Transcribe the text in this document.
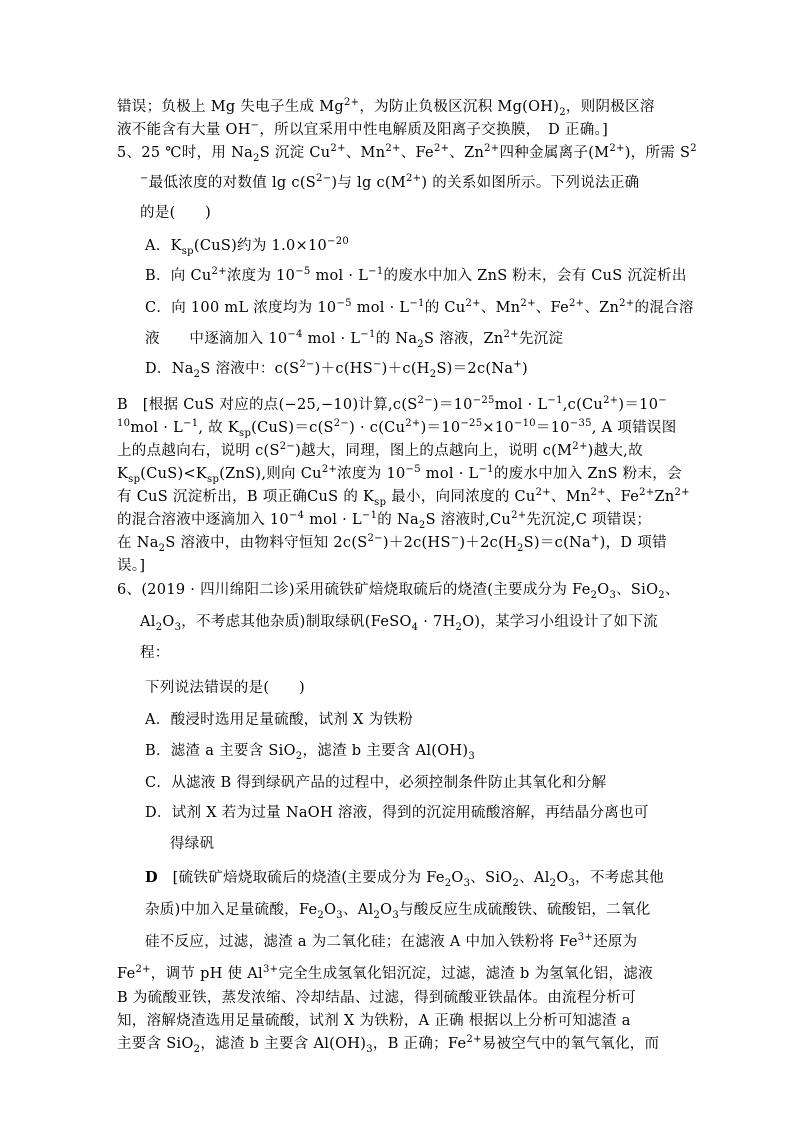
错误；负极上 Mg 失电子生成 $Mg^{2+}$，为防止负极区沉积 $Mg(OH)_2$，则阴极区溶
液不能含有大量 OH−，所以宜采用中性电解质及阳离子交换膜，　D 正确。]
5、25 ℃时，用 $Na_2S$ 沉淀 $Cu^{2+}$、$Mn^{2+}$、$Fe^{2+}$、$Zn^{2+}$四种金属离子$(M^{2+})$，所需 $S^2$
−最低浓度的对数值 $\lg c(S^{2-})$与 $\lg c(M^{2+})$ 的关系如图所示。下列说法正确
的是(　　)
A．$K_{sp}(CuS)$约为 $1.0\times 10^{-20}$
B．向 $Cu^{2+}$浓度为 $10^{-5}$ mol · $L^{-1}$的废水中加入 ZnS 粉末，会有 CuS 沉淀析出
C．向 100 mL 浓度均为 $10^{-5}$ mol · $L^{-1}$的 $Cu^{2+}$、$Mn^{2+}$、$Fe^{2+}$、$Zn^{2+}$的混合溶
液　　中逐滴加入 $10^{-4}$ mol · $L^{-1}$的 $Na_2S$ 溶液，$Zn^{2+}$先沉淀
D．$Na_2S$ 溶液中：$c(S^{2-})+c(HS^-)+c(H_2S)=2c(Na^+)$
B　[根据 CuS 对应的点(−25,−10)计算$,c(S^{2-})=10^{-25}mol \cdot L^{-1},c(Cu^{2+})=10^-$
$^{10}mol \cdot L^{-1}$, 故 $K_{sp}(CuS)=c(S^{2-}) \cdot c(Cu^{2+})=10^{-25}\times 10^{-10}=10^{-35}$, A 项错误图
上的点越向右，说明 $c(S^{2-})$越大，同理，图上的点越向上，说明 $c(M^{2+})$越大,故
$K_{sp}(CuS)<K_{sp}(ZnS)$,则向 $Cu^{2+}$浓度为 $10^{-5}$ mol · $L^{-1}$的废水中加入 ZnS 粉末，会
有 CuS 沉淀析出，B 项正确CuS 的 $K_{sp}$ 最小，向同浓度的 $Cu^{2+}$、$Mn^{2+}$、$Fe^{2+}Zn^{2+}$
的混合溶液中逐滴加入 $10^{-4}$ mol · $L^{-1}$的 $Na_2S$ 溶液时$,Cu^{2+}$先沉淀,C 项错误；
在 $Na_2S$ 溶液中，由物料守恒知 $2c(S^{2-})+2c(HS^-)+2c(H_2S)=c(Na^+)$，D 项错
误。]
6、(2019 · 四川绵阳二诊)采用硫铁矿焙烧取硫后的烧渣(主要成分为 $Fe_2O_3$、SiO$_2$、
$Al_2O_3$，不考虑其他杂质)制取绿矾(FeSO$_4$ · $7H_2O$)，某学习小组设计了如下流
程：
下列说法错误的是(　　)
A．酸浸时选用足量硫酸，试剂 X 为铁粉
B．滤渣 a 主要含 SiO$_2$，滤渣 b 主要含 $Al(OH)_3$
C．从滤液 B 得到绿矾产品的过程中，必须控制条件防止其氧化和分解
D．试剂 X 若为过量 NaOH 溶液，得到的沉淀用硫酸溶解，再结晶分离也可
得绿矾
D　[硫铁矿焙烧取硫后的烧渣(主要成分为 $Fe_2O_3$、SiO$_2$、$Al_2O_3$，不考虑其他
杂质)中加入足量硫酸，$Fe_2O_3$、$Al_2O_3$与酸反应生成硫酸铁、硫酸铝，二氧化
硅不反应，过滤，滤渣 a 为二氧化硅；在滤液 A 中加入铁粉将 $Fe^{3+}$还原为
$Fe^{2+}$，调节 pH 使 $Al^{3+}$完全生成氢氧化铝沉淀，过滤，滤渣 b 为氢氧化铝，滤液
B 为硫酸亚铁，蒸发浓缩、冷却结晶、过滤，得到硫酸亚铁晶体。由流程分析可
知，溶解烧渣选用足量硫酸，试剂 X 为铁粉，A 正确 根据以上分析可知滤渣 a
主要含 SiO$_2$，滤渣 b 主要含 $Al(OH)_3$，B 正确；$Fe^{2+}$易被空气中的氧气氧化，而
